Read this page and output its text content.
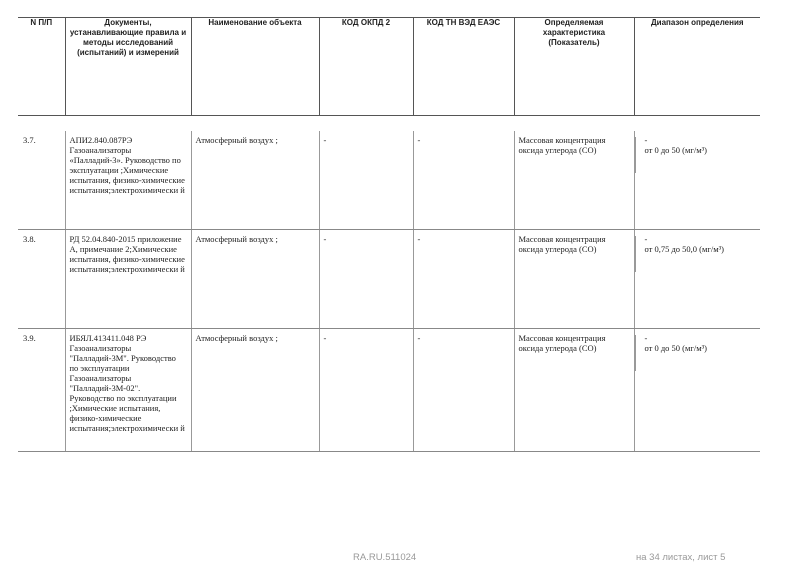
N П/П	Документы, устанавливающие правила и методы исследований (испытаний) и измерений	Наименование объекта	КОД ОКПД 2	КОД ТН ВЭД ЕАЭС	Определяемая характеристика (Показатель)	Диапазон определения

3.7.	АПИ2.840.087РЭ Газоанализаторы «Палладий-3». Руководство по эксплуатации ;Химические испытания, физико-химические испытания;электрохимически й	Атмосферный воздух ;	-	-	Массовая концентрация оксида углерода (СО)	-
от 0 до 50 (мг/м³)

3.8.	РД 52.04.840-2015 приложение А, примечание 2;Химические испытания, физико-химические испытания;электрохимически й	Атмосферный воздух ;	-	-	Массовая концентрация оксида углерода (СО)	-
от 0,75 до 50,0 (мг/м³)

3.9.	ИБЯЛ.413411.048 РЭ Газоанализаторы "Палладий-3М". Руководство по эксплуатации Газоанализаторы "Палладий-3М-02". Руководство по эксплуатации ;Химические испытания, физико-химические испытания;электрохимически й	Атмосферный воздух ;	-	-	Массовая концентрация оксида углерода (СО)	-
от 0 до 50 (мг/м³)
RA.RU.511024	на 34 листах, лист 5
